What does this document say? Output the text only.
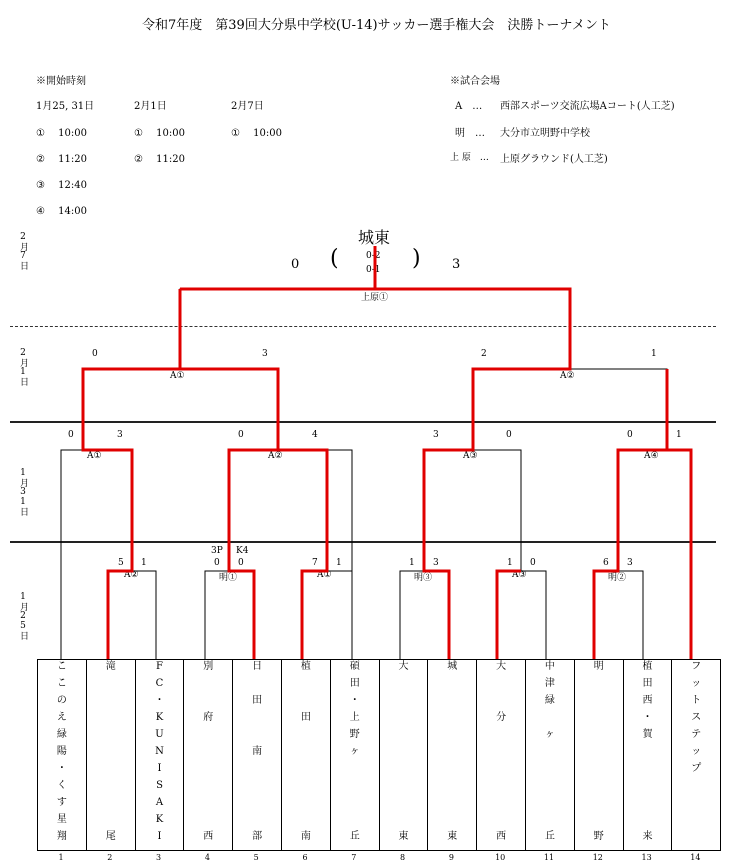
令和7年度　第39回大分県中学校(U-14)サッカー選手権大会　決勝トーナメント
※開始時刻
1月25, 31日
①　 10:00
②　 11:20
③　 12:40
④　 14:00
2月1日
①　 10:00
②　 11:20
2月7日
①　 10:00
※試合会場
A　… 西部スポーツ交流広場Aコート(人工芝)
明　… 大分市立明野中学校
上 原　… 上原グラウンド(人工芝)
2月7日
2月1日
1月31日
1月25日
城東
0	3
(	)
0-2
0-1
上原①
0	3
A①
2	1
A②
0	3
A①
0	4
A②
3	0
A③
0	1
A④
5 1
A②
3P K4
0 0
明①
7 1
A①
1 3
明③
1 0
A③
6 3
明②
こ
こ
の
え
緑
陽
・
く
す
星
翔
1
滝
尾
2
F
C
・
K
U
N
I
S
A
K
I
3
別
府
西
4
日
田
南
部
5
植
田
南
6
碩
田
・
上
野
ヶ
丘
7
大
東
8
城
東
9
大
分
西
10
中
津
緑
ヶ
丘
11
明
野
12
植
田
西
・
賀
来
13
フ
ッ
ト
ス
テ
ッ
プ
14
